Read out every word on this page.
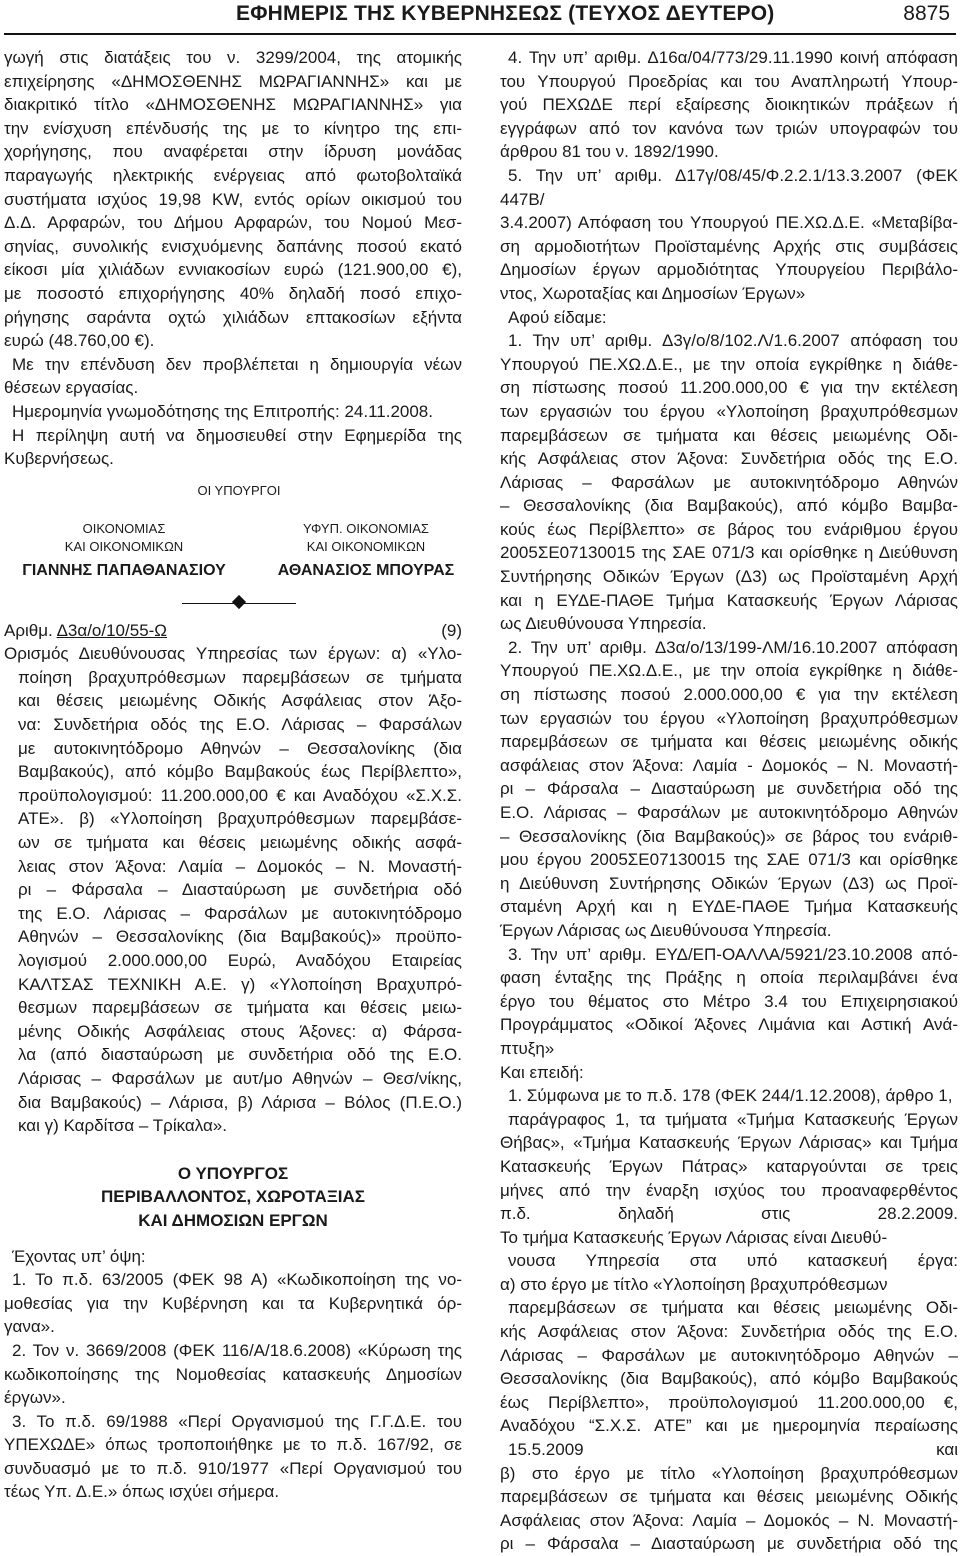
ΕΦΗΜΕΡΙΣ ΤΗΣ ΚΥΒΕΡΝΗΣΕΩΣ (ΤΕΥΧΟΣ ΔΕΥΤΕΡΟ)	8875

γωγή στις διατάξεις του ν. 3299/2004, της ατομικής

επιχείρησης «ΔΗΜΟΣΘΕΝΗΣ ΜΩΡΑΓΙΑΝΝΗΣ» και με

διακριτικό τίτλο «ΔΗΜΟΣΘΕΝΗΣ ΜΩΡΑΓΙΑΝΝΗΣ» για

την ενίσχυση επένδυσής της με το κίνητρο της επι-

χορήγησης, που αναφέρεται στην ίδρυση μονάδας

παραγωγής ηλεκτρικής ενέργειας από φωτοβολταϊκά

συστήματα ισχύος 19,98 KW, εντός ορίων οικισμού του

Δ.Δ. Αρφαρών, του Δήμου Αρφαρών, του Νομού Μεσ-

σηνίας, συνολικής ενισχυόμενης δαπάνης ποσού εκατό

είκοσι μία χιλιάδων εννιακοσίων ευρώ (121.900,00 €),

με ποσοστό επιχορήγησης 40% δηλαδή ποσό επιχο-

ρήγησης σαράντα οχτώ χιλιάδων επτακοσίων εξήντα

ευρώ (48.760,00 €).

Με την επένδυση δεν προβλέπεται η δημιουργία νέων

θέσεων εργασίας.

Ημερομηνία γνωμοδότησης της Επιτροπής: 24.11.2008.

Η περίληψη αυτή να δημοσιευθεί στην Εφημερίδα της

Κυβερνήσεως.

ΟΙ ΥΠΟΥΡΓΟΙ
ΟΙΚΟΝΟΜΙΑΣ
ΚΑΙ ΟΙΚΟΝΟΜΙΚΩΝ
ΓΙΑΝΝΗΣ ΠΑΠΑΘΑΝΑΣΙΟΥ
ΥΦΥΠ. ΟΙΚΟΝΟΜΙΑΣ
ΚΑΙ ΟΙΚΟΝΟΜΙΚΩΝ
ΑΘΑΝΑΣΙΟΣ ΜΠΟΥΡΑΣ
Αριθμ. Δ3α/ο/10/55-Ω	(9)

Ορισμός Διευθύνουσας Υπηρεσίας των έργων: α) «Υλο-

ποίηση βραχυπρόθεσμων παρεμβάσεων σε τμήματα

και θέσεις μειωμένης Οδικής Ασφάλειας στον Άξο-

να: Συνδετήρια οδός της Ε.Ο. Λάρισας – Φαρσάλων

με αυτοκινητόδρομο Αθηνών – Θεσσαλονίκης (δια

Βαμβακούς), από κόμβο Βαμβακούς έως Περίβλεπτο»,

προϋπολογισμού: 11.200.000,00 € και Αναδόχου «Σ.Χ.Σ.

ΑΤΕ». β) «Υλοποίηση βραχυπρόθεσμων παρεμβάσε-

ων σε τμήματα και θέσεις μειωμένης οδικής ασφά-

λειας στον Άξονα: Λαμία – Δομοκός – Ν. Μοναστή-

ρι – Φάρσαλα – Διασταύρωση με συνδετήρια οδό

της Ε.Ο. Λάρισας – Φαρσάλων με αυτοκινητόδρομο

Αθηνών – Θεσσαλονίκης (δια Βαμβακούς)» προϋπο-

λογισμού 2.000.000,00 Ευρώ, Αναδόχου Εταιρείας

ΚΑΛΤΣΑΣ ΤΕΧΝΙΚΗ Α.Ε. γ) «Υλοποίηση Βραχυπρό-

θεσμων παρεμβάσεων σε τμήματα και θέσεις μειω-

μένης Οδικής Ασφάλειας στους Άξονες: α) Φάρσα-

λα (από διασταύρωση με συνδετήρια οδό της Ε.Ο.

Λάρισας – Φαρσάλων με αυτ/μο Αθηνών – Θεσ/νίκης,

δια Βαμβακούς) – Λάρισα, β) Λάρισα – Βόλος (Π.Ε.Ο.)

και γ) Καρδίτσα – Τρίκαλα».

Ο ΥΠΟΥΡΓΟΣ

ΠΕΡΙΒΑΛΛΟΝΤΟΣ, ΧΩΡΟΤΑΞΙΑΣ

ΚΑΙ ΔΗΜΟΣΙΩΝ ΕΡΓΩΝ

Έχοντας υπ’ όψη:

1. Το π.δ. 63/2005 (ΦΕΚ 98 Α) «Κωδικοποίηση της νο-

μοθεσίας για την Κυβέρνηση και τα Κυβερνητικά όρ-

γανα».

2. Τον ν. 3669/2008 (ΦΕΚ 116/Α/18.6.2008) «Κύρωση της

κωδικοποίησης της Νομοθεσίας κατασκευής Δημοσίων

έργων».

3. Το π.δ. 69/1988 «Περί Οργανισμού της Γ.Γ.Δ.Ε. του

ΥΠΕΧΩΔΕ» όπως τροποποιήθηκε με το π.δ. 167/92, σε

συνδυασμό με το π.δ. 910/1977 «Περί Οργανισμού του

τέως Υπ. Δ.Ε.» όπως ισχύει σήμερα.

4. Την υπ’ αριθμ. Δ16α/04/773/29.11.1990 κοινή απόφαση

του Υπουργού Προεδρίας και του Αναπληρωτή Υπουρ-

γού ΠΕΧΩΔΕ περί εξαίρεσης διοικητικών πράξεων ή

εγγράφων από τον κανόνα των τριών υπογραφών του

άρθρου 81 του ν. 1892/1990.

5. Την υπ’ αριθμ. Δ17γ/08/45/Φ.2.2.1/13.3.2007 (ΦΕΚ 447Β/

3.4.2007) Απόφαση του Υπουργού ΠΕ.ΧΩ.Δ.Ε. «Μεταβίβα-

ση αρμοδιοτήτων Προϊσταμένης Αρχής στις συμβάσεις

Δημοσίων έργων αρμοδιότητας Υπουργείου Περιβάλο-

ντος, Χωροταξίας και Δημοσίων Έργων»

Αφού είδαμε:

1. Την υπ’ αριθμ. Δ3γ/ο/8/102.Λ/1.6.2007 απόφαση του

Υπουργού ΠΕ.ΧΩ.Δ.Ε., με την οποία εγκρίθηκε η διάθε-

ση πίστωσης ποσού 11.200.000,00 € για την εκτέλεση

των εργασιών του έργου «Υλοποίηση βραχυπρόθεσμων

παρεμβάσεων σε τμήματα και θέσεις μειωμένης Οδι-

κής Ασφάλειας στον Άξονα: Συνδετήρια οδός της Ε.Ο.

Λάρισας – Φαρσάλων με αυτοκινητόδρομο Αθηνών

– Θεσσαλονίκης (δια Βαμβακούς), από κόμβο Βαμβα-

κούς έως Περίβλεπτο» σε βάρος του ενάριθμου έργου

2005ΣΕ07130015 της ΣΑΕ 071/3 και ορίσθηκε η Διεύθυνση

Συντήρησης Οδικών Έργων (Δ3) ως Προϊσταμένη Αρχή

και η ΕΥΔΕ-ΠΑΘΕ Τμήμα Κατασκευής Έργων Λάρισας

ως Διευθύνουσα Υπηρεσία.

2. Την υπ’ αριθμ. Δ3α/ο/13/199-ΛΜ/16.10.2007 απόφαση

Υπουργού ΠΕ.ΧΩ.Δ.Ε., με την οποία εγκρίθηκε η διάθε-

ση πίστωσης ποσού 2.000.000,00 € για την εκτέλεση

των εργασιών του έργου «Υλοποίηση βραχυπρόθεσμων

παρεμβάσεων σε τμήματα και θέσεις μειωμένης οδικής

ασφάλειας στον Άξονα: Λαμία - Δομοκός – Ν. Μοναστή-

ρι – Φάρσαλα – Διασταύρωση με συνδετήρια οδό της

Ε.Ο. Λάρισας – Φαρσάλων με αυτοκινητόδρομο Αθηνών

– Θεσσαλονίκης (δια Βαμβακούς)» σε βάρος του ενάριθ-

μου έργου 2005ΣΕ07130015 της ΣΑΕ 071/3 και ορίσθηκε

η Διεύθυνση Συντήρησης Οδικών Έργων (Δ3) ως Προϊ-

σταμένη Αρχή και η ΕΥΔΕ-ΠΑΘΕ Τμήμα Κατασκευής

Έργων Λάρισας ως Διευθύνουσα Υπηρεσία.

3. Την υπ’ αριθμ. ΕΥΔ/ΕΠ-ΟΑΛΛΑ/5921/23.10.2008 από-

φαση ένταξης της Πράξης η οποία περιλαμβάνει ένα

έργο του θέματος στο Μέτρο 3.4 του Επιχειρησιακού

Προγράμματος «Οδικοί Άξονες Λιμάνια και Αστική Ανά-

πτυξη»

Και επειδή:

1. Σύμφωνα με το π.δ. 178 (ΦΕΚ 244/1.12.2008), άρθρο 1,

παράγραφος 1, τα τμήματα «Τμήμα Κατασκευής Έργων

Θήβας», «Τμήμα Κατασκευής Έργων Λάρισας» και Τμήμα

Κατασκευής Έργων Πάτρας» καταργούνται σε τρεις

μήνες από την έναρξη ισχύος του προαναφερθέντος

π.δ. δηλαδή στις 28.2.2009.

Το τμήμα Κατασκευής Έργων Λάρισας είναι Διευθύ-

νουσα Υπηρεσία στα υπό κατασκευή έργα:

α) στο έργο με τίτλο «Υλοποίηση βραχυπρόθεσμων

παρεμβάσεων σε τμήματα και θέσεις μειωμένης Οδι-

κής Ασφάλειας στον Άξονα: Συνδετήρια οδός της Ε.Ο.

Λάρισας – Φαρσάλων με αυτοκινητόδρομο Αθηνών –

Θεσσαλονίκης (δια Βαμβακούς), από κόμβο Βαμβακούς

έως Περίβλεπτο», προϋπολογισμού 11.200.000,00 €,

Αναδόχου “Σ.Χ.Σ. ΑΤΕ” και με ημερομηνία περαίωσης

15.5.2009 και

β) στο έργο με τίτλο «Υλοποίηση βραχυπρόθεσμων

παρεμβάσεων σε τμήματα και θέσεις μειωμένης Οδικής

Ασφάλειας στον Άξονα: Λαμία – Δομοκός – Ν. Μοναστή-

ρι – Φάρσαλα – Διασταύρωση με συνδετήρια οδό της
